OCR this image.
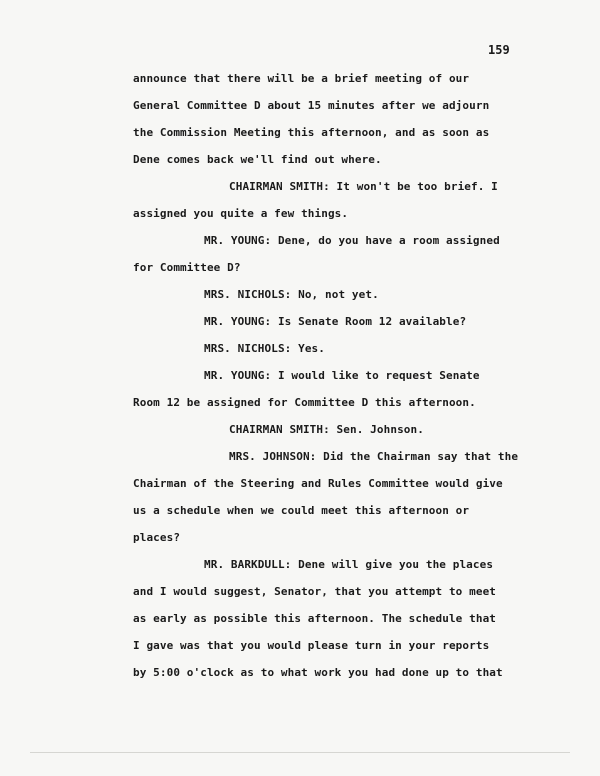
159
announce that there will be a brief meeting of our
General Committee D about 15 minutes after we adjourn
the Commission Meeting this afternoon, and as soon as
Dene comes back we'll find out where.
CHAIRMAN SMITH: It won't be too brief. I
assigned you quite a few things.
MR. YOUNG: Dene, do you have a room assigned
for Committee D?
MRS. NICHOLS: No, not yet.
MR. YOUNG: Is Senate Room 12 available?
MRS. NICHOLS: Yes.
MR. YOUNG: I would like to request Senate
Room 12 be assigned for Committee D this afternoon.
CHAIRMAN SMITH: Sen. Johnson.
MRS. JOHNSON: Did the Chairman say that the
Chairman of the Steering and Rules Committee would give
us a schedule when we could meet this afternoon or
places?
MR. BARKDULL: Dene will give you the places
and I would suggest, Senator, that you attempt to meet
as early as possible this afternoon. The schedule that
I gave was that you would please turn in your reports
by 5:00 o'clock as to what work you had done up to that
